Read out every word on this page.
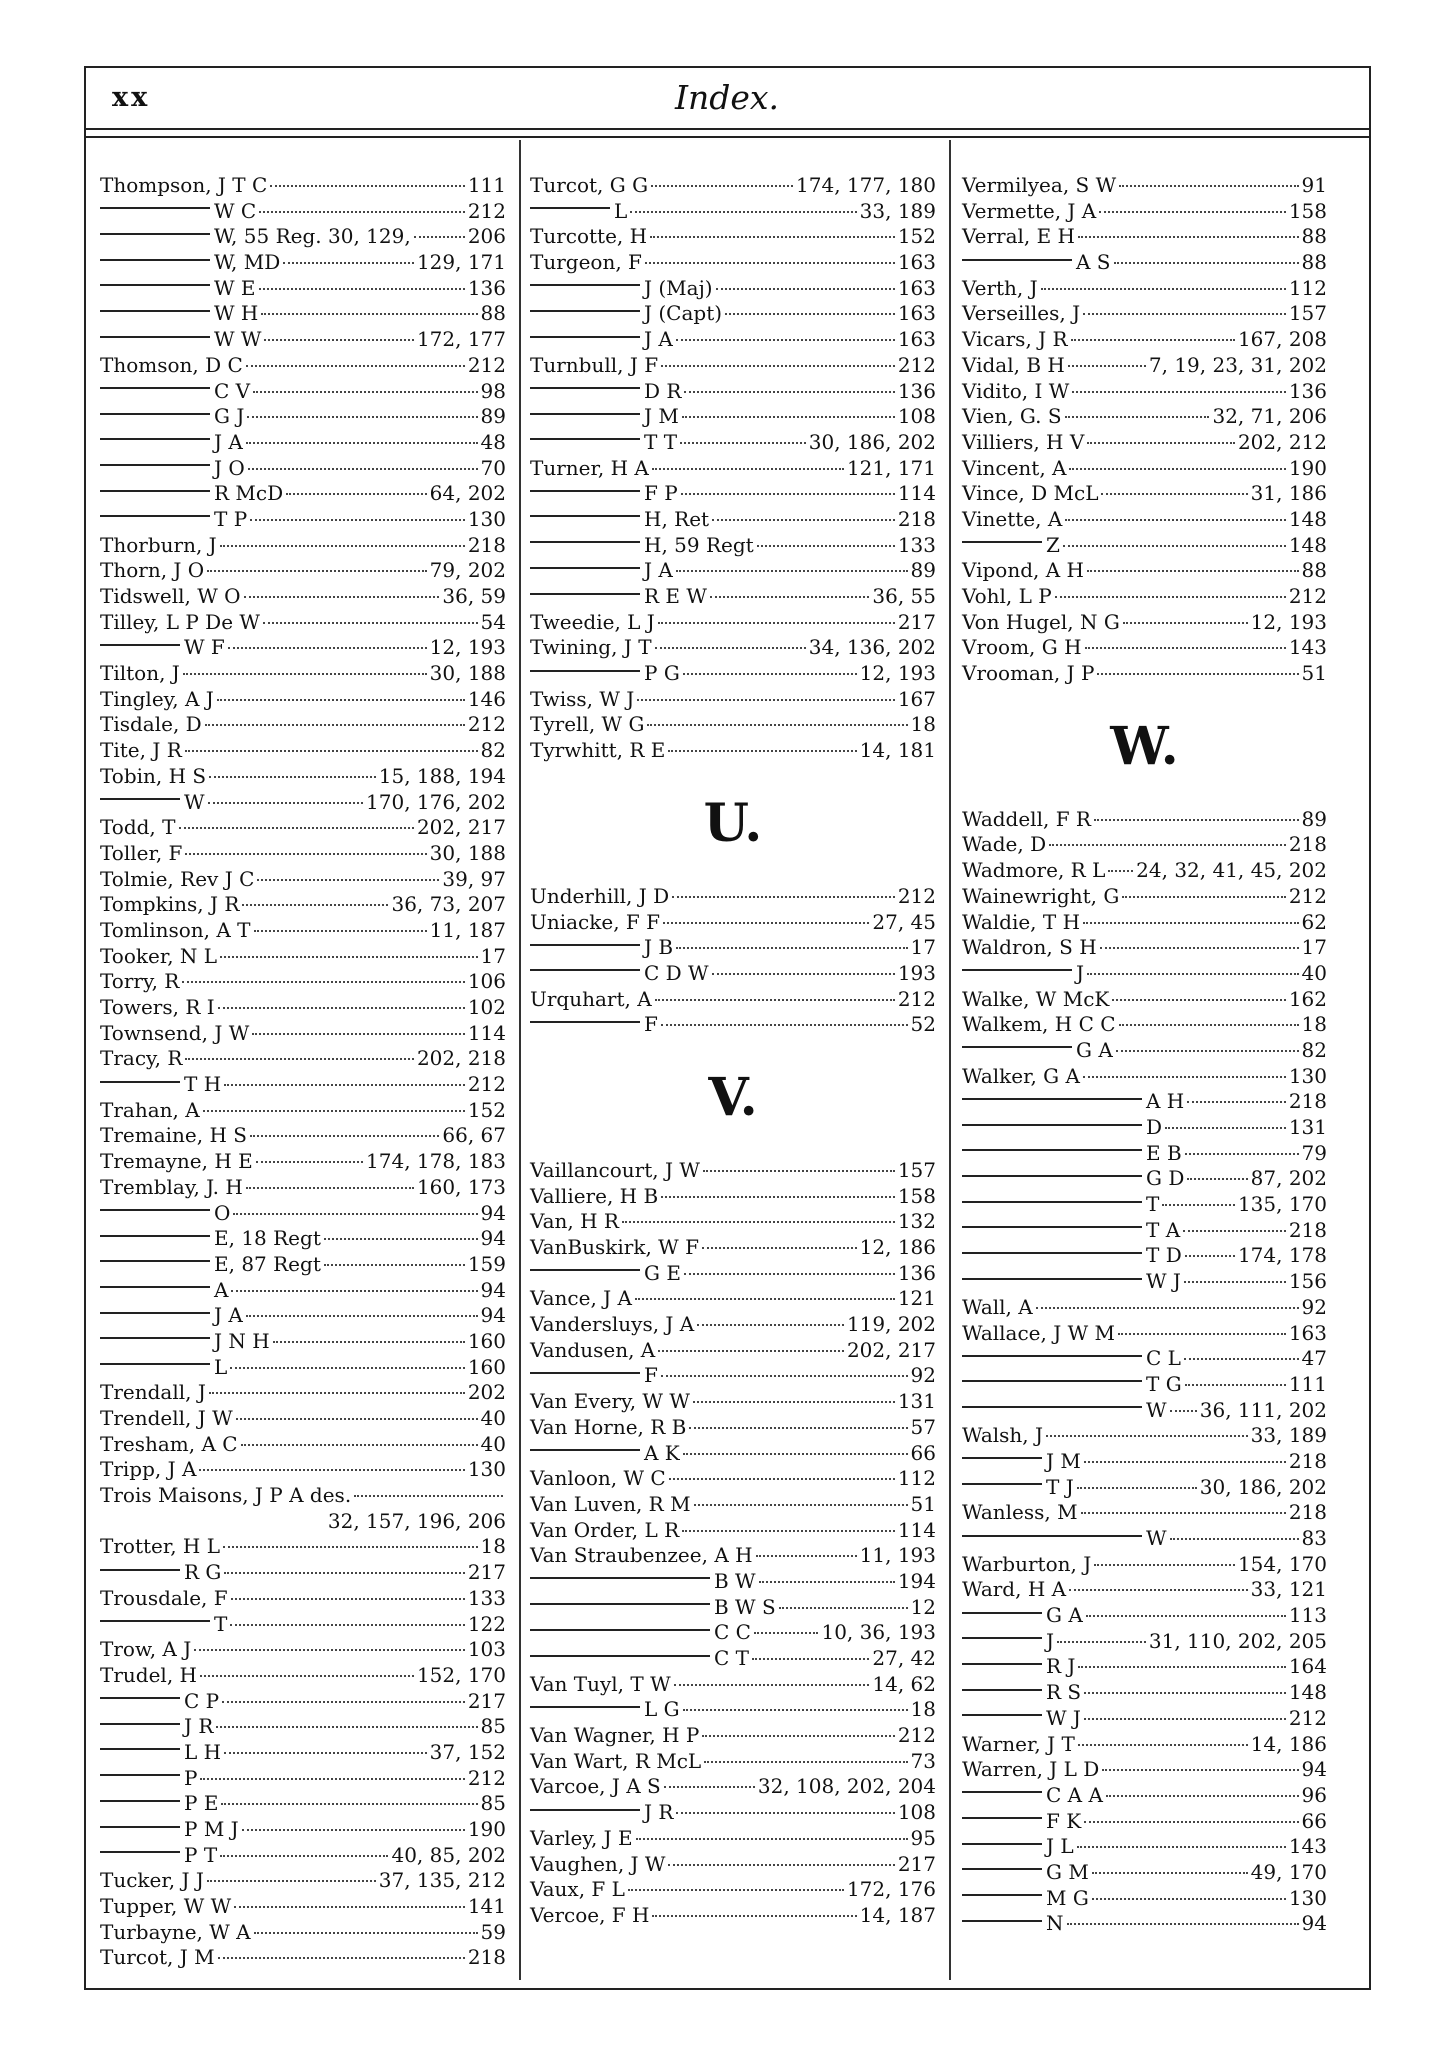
xx	Index.
Thompson, J T C	111
W C	212
W, 55 Reg. 30, 129,	206
W, MD	129, 171
W E	136
W H	88
W W	172, 177
Thomson, D C	212
C V	98
G J	89
J A	48
J O	70
R McD	64, 202
T P	130
Thorburn, J	218
Thorn, J O	79, 202
Tidswell, W O	36, 59
Tilley, L P De W	54
W F	12, 193
Tilton, J	30, 188
Tingley, A J	146
Tisdale, D	212
Tite, J R	82
Tobin, H S	15, 188, 194
W	170, 176, 202
Todd, T	202, 217
Toller, F	30, 188
Tolmie, Rev J C	39, 97
Tompkins, J R	36, 73, 207
Tomlinson, A T	11, 187
Tooker, N L	17
Torry, R	106
Towers, R I	102
Townsend, J W	114
Tracy, R	202, 218
T H	212
Trahan, A	152
Tremaine, H S	66, 67
Tremayne, H E	174, 178, 183
Tremblay, J. H	160, 173
O	94
E, 18 Regt	94
E, 87 Regt	159
A	94
J A	94
J N H	160
L	160
Trendall, J	202
Trendell, J W	40
Tresham, A C	40
Tripp, J A	130
Trois Maisons, J P A des.
32, 157, 196, 206
Trotter, H L	18
R G	217
Trousdale, F	133
T	122
Trow, A J	103
Trudel, H	152, 170
C P	217
J R	85
L H	37, 152
P	212
P E	85
P M J	190
P T	40, 85, 202
Tucker, J J	37, 135, 212
Tupper, W W	141
Turbayne, W A	59
Turcot, J M	218
Turcot, G G	174, 177, 180
L	33, 189
Turcotte, H	152
Turgeon, F	163
J (Maj)	163
J (Capt)	163
J A	163
Turnbull, J F	212
D R	136
J M	108
T T	30, 186, 202
Turner, H A	121, 171
F P	114
H, Ret	218
H, 59 Regt	133
J A	89
R E W	36, 55
Tweedie, L J	217
Twining, J T	34, 136, 202
P G	12, 193
Twiss, W J	167
Tyrell, W G	18
Tyrwhitt, R E	14, 181
U.
Underhill, J D	212
Uniacke, F F	27, 45
J B	17
C D W	193
Urquhart, A	212
F	52
V.
Vaillancourt, J W	157
Valliere, H B	158
Van, H R	132
VanBuskirk, W F	12, 186
G E	136
Vance, J A	121
Vandersluys, J A	119, 202
Vandusen, A	202, 217
F	92
Van Every, W W	131
Van Horne, R B	57
A K	66
Vanloon, W C	112
Van Luven, R M	51
Van Order, L R	114
Van Straubenzee, A H	11, 193
B W	194
B W S	12
C C	10, 36, 193
C T	27, 42
Van Tuyl, T W	14, 62
L G	18
Van Wagner, H P	212
Van Wart, R McL	73
Varcoe, J A S	32, 108, 202, 204
J R	108
Varley, J E	95
Vaughen, J W	217
Vaux, F L	172, 176
Vercoe, F H	14, 187
Vermilyea, S W	91
Vermette, J A	158
Verral, E H	88
A S	88
Verth, J	112
Verseilles, J	157
Vicars, J R	167, 208
Vidal, B H	7, 19, 23, 31, 202
Vidito, I W	136
Vien, G. S	32, 71, 206
Villiers, H V	202, 212
Vincent, A	190
Vince, D McL	31, 186
Vinette, A	148
Z	148
Vipond, A H	88
Vohl, L P	212
Von Hugel, N G	12, 193
Vroom, G H	143
Vrooman, J P	51
W.
Waddell, F R	89
Wade, D	218
Wadmore, R L 24, 32, 41, 45, 202
Wainewright, G	212
Waldie, T H	62
Waldron, S H	17
J	40
Walke, W McK	162
Walkem, H C C	18
G A	82
Walker, G A	130
A H	218
D	131
E B	79
G D	87, 202
T	135, 170
T A	218
T D	174, 178
W J	156
Wall, A	92
Wallace, J W M	163
C L	47
T G	111
W 36, 111, 202
Walsh, J	33, 189
J M	218
T J	30, 186, 202
Wanless, M	218
W	83
Warburton, J	154, 170
Ward, H A	33, 121
G A	113
J	31, 110, 202, 205
R J	164
R S	148
W J	212
Warner, J T	14, 186
Warren, J L D	94
C A A	96
F K	66
J L	143
G M	49, 170
M G	130
N	94
